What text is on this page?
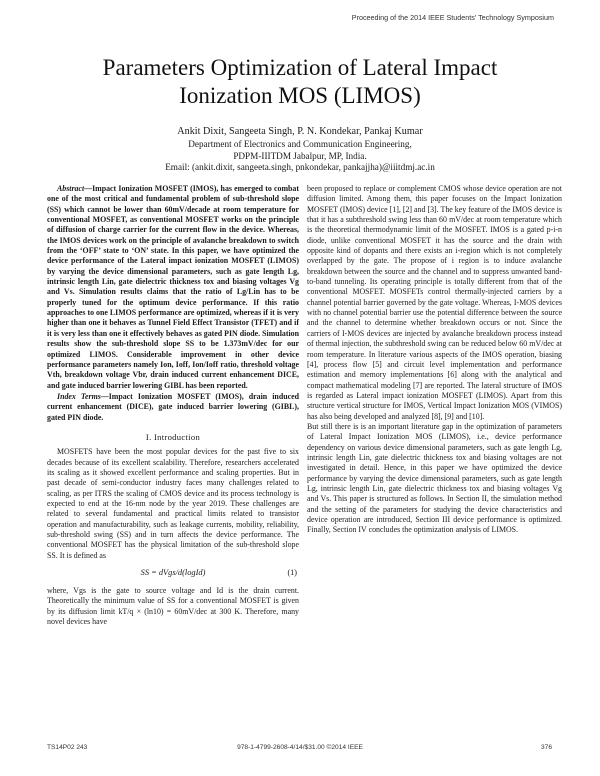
Proceeding of the 2014 IEEE Students' Technology Symposium
Parameters Optimization of Lateral Impact
Ionization MOS (LIMOS)
Ankit Dixit, Sangeeta Singh, P. N. Kondekar, Pankaj Kumar
Department of Electronics and Communication Engineering,
PDPM-IIITDM Jabalpur, MP, India.
Email: (ankit.dixit, sangeeta.singh, pnkondekar, pankajjha)@iiitdmj.ac.in

Abstract—Impact Ionization MOSFET (IMOS), has emerged to combat one of the most critical and fundamental problem of sub-threshold slope (SS) which cannot be lower than 60mV/decade at room temperature for conventional MOSFET, as conventional MOSFET works on the principle of diffusion of charge carrier for the current flow in the device. Whereas, the IMOS devices work on the principle of avalanche breakdown to switch from the ‘OFF’ state to ‘ON’ state. In this paper, we have optimized the device performance of the Lateral impact ionization MOSFET (LIMOS) by varying the device dimensional parameters, such as gate length Lg, intrinsic length Lin, gate dielectric thickness tox and biasing voltages Vg and Vs. Simulation results claims that the ratio of Lg/Lin has to be properly tuned for the optimum device performance. If this ratio approaches to one LIMOS performance are optimized, whereas if it is very higher than one it behaves as Tunnel Field Effect Transistor (TFET) and if it is very less than one it effectively behaves as gated PIN diode. Simulation results show the sub-threshold slope SS to be 1.373mV/dec for our optimized LIMOS. Considerable improvement in other device performance parameters namely Ion, Ioff, Ion/Ioff ratio, threshold voltage Vth, breakdown voltage Vbr, drain induced current enhancement DICE, and gate induced barrier lowering GIBL has been reported.

Index Terms—Impact Ionization MOSFET (IMOS), drain induced current enhancement (DICE), gate induced barrier lowering (GIBL), gated PIN diode.

I. Introduction

MOSFETS have been the most popular devices for the past five to six decades because of its excellent scalability. Therefore, researchers accelerated its scaling as it showed excellent performance and scaling properties. But in past decade of semi-conductor industry faces many challenges related to scaling, as per ITRS the scaling of CMOS device and its process technology is expected to end at the 16-nm node by the year 2019. These challenges are related to several fundamental and practical limits related to transistor operation and manufacturability, such as leakage currents, mobility, reliability, sub-threshold swing (SS) and in turn affects the device performance. The conventional MOSFET has the physical limitation of the sub-threshold slope SS. It is defined as

SS = dVgs/d(logId)	(1)

where, Vgs is the gate to source voltage and Id is the drain current. Theoretically the minimum value of SS for a conventional MOSFET is given by its diffusion limit kT/q × (ln10) = 60mV/dec at 300 K. Therefore, many novel devices have

been proposed to replace or complement CMOS whose device operation are not diffusion limited. Among them, this paper focuses on the Impact Ionization MOSFET (IMOS) device [1], [2] and [3]. The key feature of the IMOS device is that it has a subthreshold swing less than 60 mV/dec at room temperature which is the theoretical thermodynamic limit of the MOSFET. IMOS is a gated p-i-n diode, unlike conventional MOSFET it has the source and the drain with opposite kind of dopants and there exists an i-region which is not completely overlapped by the gate. The propose of i region is to induce avalanche breakdown between the source and the channel and to suppress unwanted band-to-band tunneling. Its operating principle is totally different from that of the conventional MOSFET. MOSFETs control thermally-injected carriers by a channel potential barrier governed by the gate voltage. Whereas, I-MOS devices with no channel potential barrier use the potential difference between the source and the channel to determine whether breakdown occurs or not. Since the carriers of I-MOS devices are injected by avalanche breakdown process instead of thermal injection, the subthreshold swing can be reduced below 60 mV/dec at room temperature. In literature various aspects of the IMOS operation, biasing [4], process flow [5] and circuit level implementation and performance estimation and memory implementations [6] along with the analytical and compact mathematical modeling [7] are reported. The lateral structure of IMOS is regarded as Lateral impact ionization MOSFET (LIMOS). Apart from this structure vertical structure for IMOS, Vertical Impact Ionization MOS (VIMOS) has also being developed and analyzed [8], [9] and [10].

But still there is is an important literature gap in the optimization of parameters of Lateral Impact Ionization MOS (LIMOS), i.e., device performance dependency on various device dimensional parameters, such as gate length Lg, intrinsic length Lin, gate dielectric thickness tox and biasing voltages are not investigated in detail. Hence, in this paper we have optimized the device performance by varying the device dimensional parameters, such as gate length Lg, intrinsic length Lin, gate dielectric thickness tox and biasing voltages Vg and Vs. This paper is structured as follows. In Section II, the simulation method and the setting of the parameters for studying the device characteristics and device operation are introduced, Section III device performance is optimized. Finally, Section IV concludes the optimization analysis of LIMOS.

TS14P02 243	978-1-4799-2608-4/14/$31.00 ©2014 IEEE	376
